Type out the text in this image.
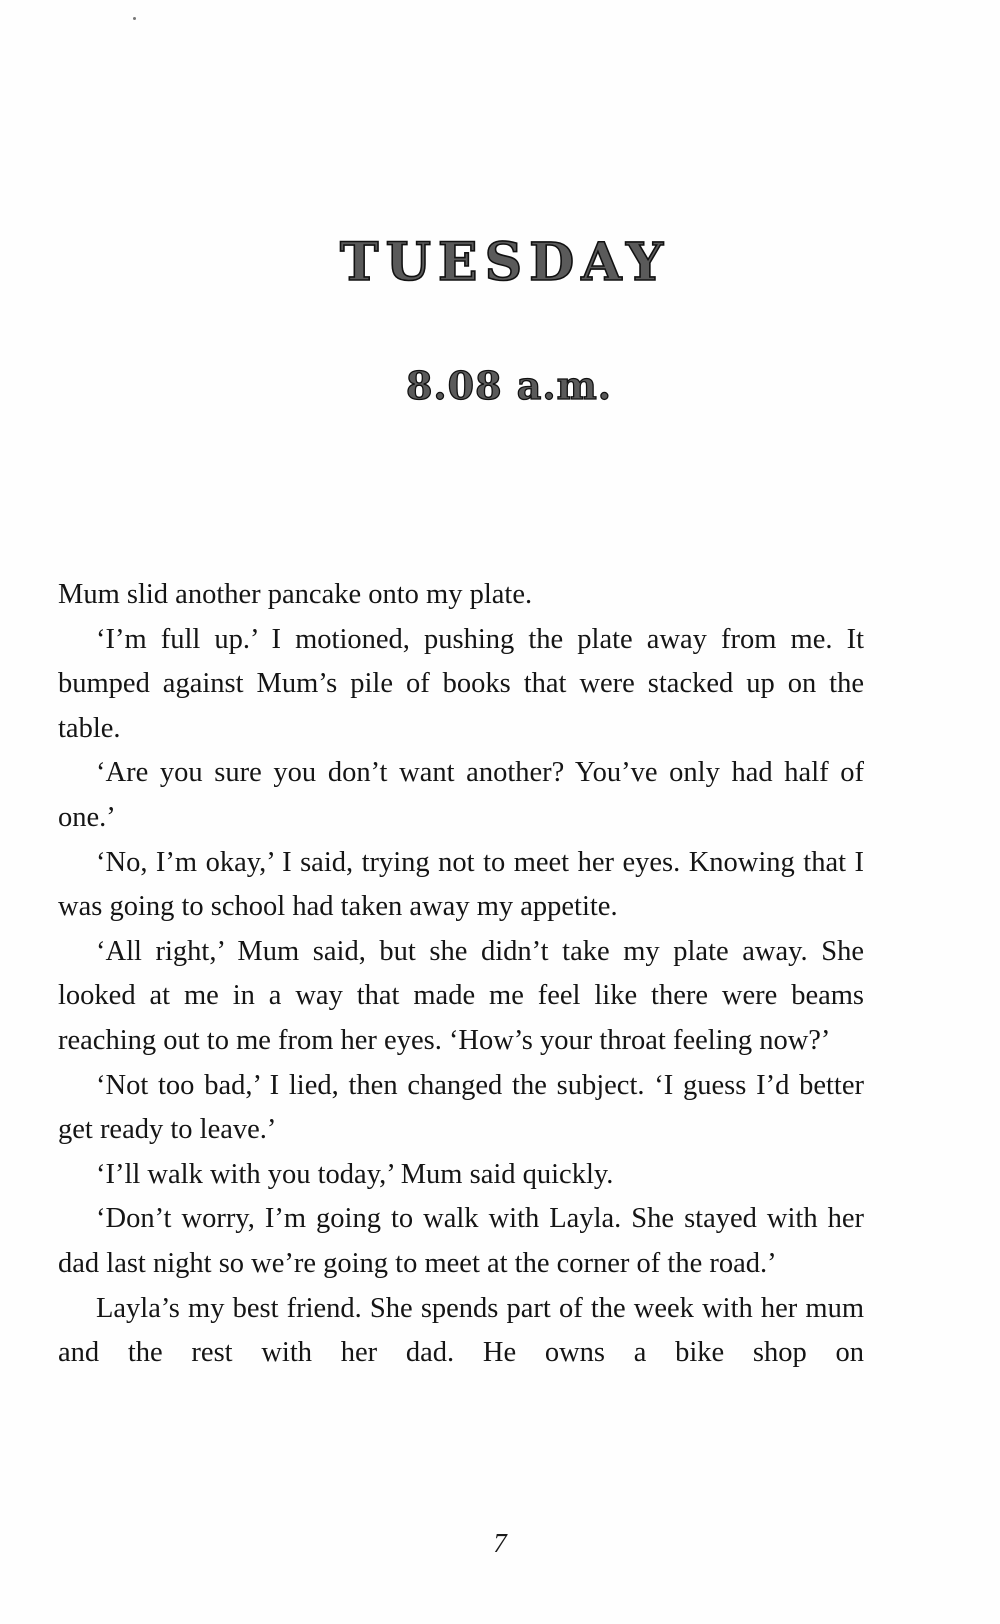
TUESDAY
8.08 a.m.

Mum slid another pancake onto my plate.

‘I’m full up.’ I motioned, pushing the plate away from me. It bumped against Mum’s pile of books that were stacked up on the table.

‘Are you sure you don’t want another? You’ve only had half of one.’

‘No, I’m okay,’ I said, trying not to meet her eyes. Knowing that I was going to school had taken away my appetite.

‘All right,’ Mum said, but she didn’t take my plate away. She looked at me in a way that made me feel like there were beams reaching out to me from her eyes. ‘How’s your throat feeling now?’

‘Not too bad,’ I lied, then changed the subject. ‘I guess I’d better get ready to leave.’

‘I’ll walk with you today,’ Mum said quickly.

‘Don’t worry, I’m going to walk with Layla. She stayed with her dad last night so we’re going to meet at the corner of the road.’

Layla’s my best friend. She spends part of the week with her mum and the rest with her dad. He owns a bike shop on

7
